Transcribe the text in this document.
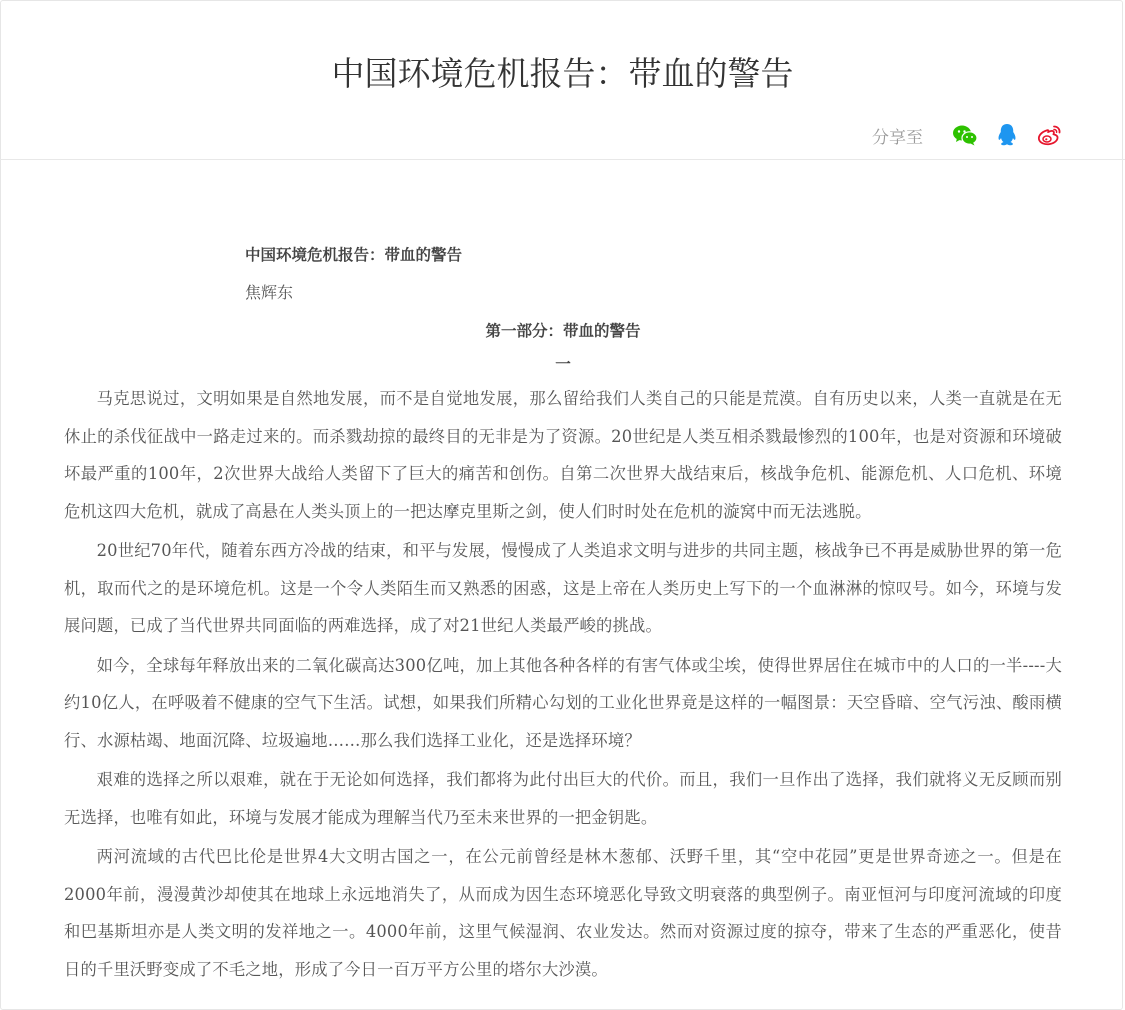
中国环境危机报告：带血的警告
分享至
中国环境危机报告：带血的警告
焦辉东
第一部分：带血的警告
一

马克思说过，文明如果是自然地发展，而不是自觉地发展，那么留给我们人类自己的只能是荒漠。自有历史以来，人类一直就是在无休止的杀伐征战中一路走过来的。而杀戮劫掠的最终目的无非是为了资源。20世纪是人类互相杀戮最惨烈的100年，也是对资源和环境破坏最严重的100年，2次世界大战给人类留下了巨大的痛苦和创伤。自第二次世界大战结束后，核战争危机、能源危机、人口危机、环境危机这四大危机，就成了高悬在人类头顶上的一把达摩克里斯之剑，使人们时时处在危机的漩窝中而无法逃脱。

20世纪70年代，随着东西方冷战的结束，和平与发展，慢慢成了人类追求文明与进步的共同主题，核战争已不再是威胁世界的第一危机，取而代之的是环境危机。这是一个令人类陌生而又熟悉的困惑，这是上帝在人类历史上写下的一个血淋淋的惊叹号。如今，环境与发展问题，已成了当代世界共同面临的两难选择，成了对21世纪人类最严峻的挑战。

如今，全球每年释放出来的二氧化碳高达300亿吨，加上其他各种各样的有害气体或尘埃，使得世界居住在城市中的人口的一半----大约10亿人，在呼吸着不健康的空气下生活。试想，如果我们所精心勾划的工业化世界竟是这样的一幅图景：天空昏暗、空气污浊、酸雨横行、水源枯竭、地面沉降、垃圾遍地……那么我们选择工业化，还是选择环境？

艰难的选择之所以艰难，就在于无论如何选择，我们都将为此付出巨大的代价。而且，我们一旦作出了选择，我们就将义无反顾而别无选择，也唯有如此，环境与发展才能成为理解当代乃至未来世界的一把金钥匙。

两河流域的古代巴比伦是世界4大文明古国之一，在公元前曾经是林木葱郁、沃野千里，其“空中花园”更是世界奇迹之一。但是在2000年前，漫漫黄沙却使其在地球上永远地消失了，从而成为因生态环境恶化导致文明衰落的典型例子。南亚恒河与印度河流域的印度和巴基斯坦亦是人类文明的发祥地之一。4000年前，这里气候湿润、农业发达。然而对资源过度的掠夺，带来了生态的严重恶化，使昔日的千里沃野变成了不毛之地，形成了今日一百万平方公里的塔尔大沙漠。
